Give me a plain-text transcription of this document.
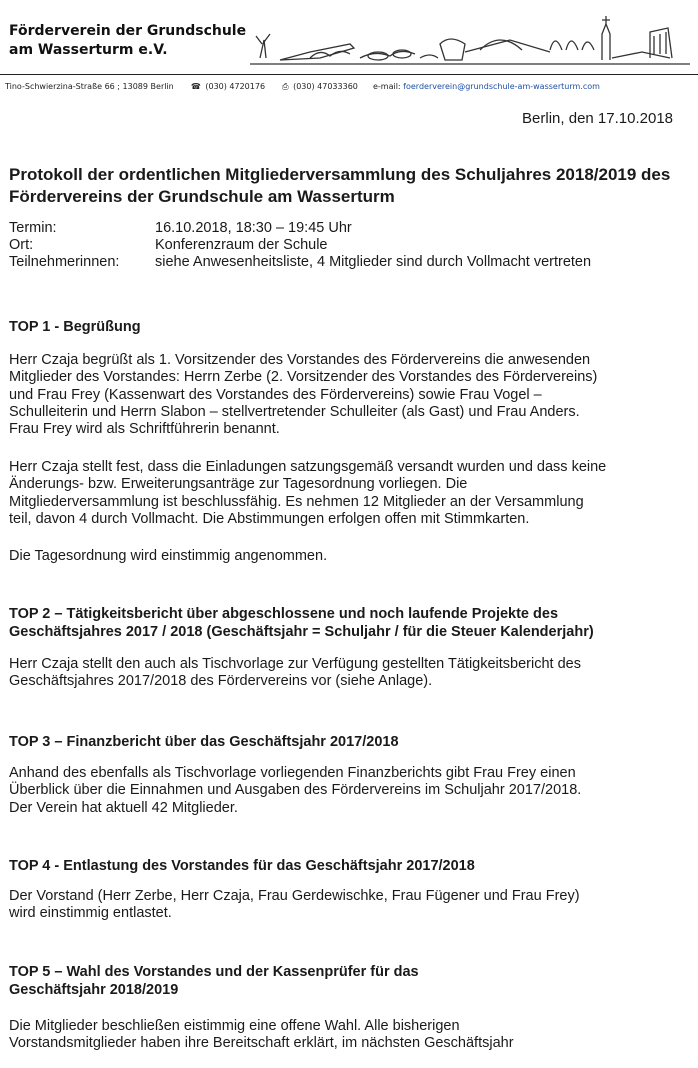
Förderverein der Grundschule
am Wasserturm e.V.
Tino-Schwierzina-Straße 66 ; 13089 Berlin ☎ (030) 4720176 ⎙ (030) 47033360 e-mail: foerderverein@grundschule-am-wasserturm.com
Berlin, den 17.10.2018
Protokoll der ordentlichen Mitgliederversammlung des Schuljahres 2018/2019 des Fördervereins der Grundschule am Wasserturm
Termin:	16.10.2018, 18:30 – 19:45 Uhr
Ort:	Konferenzraum der Schule
Teilnehmerinnen:	siehe Anwesenheitsliste, 4 Mitglieder sind durch Vollmacht vertreten
TOP 1 - Begrüßung

Herr Czaja begrüßt als 1. Vorsitzender des Vorstandes des Fördervereins die anwesenden

Mitglieder des Vorstandes: Herrn Zerbe (2. Vorsitzender des Vorstandes des Fördervereins)

und Frau Frey (Kassenwart des Vorstandes des Fördervereins) sowie Frau Vogel –

Schulleiterin und Herrn Slabon – stellvertretender Schulleiter (als Gast) und Frau Anders.

Frau Frey wird als Schriftführerin benannt.

Herr Czaja stellt fest, dass die Einladungen satzungsgemäß versandt wurden und dass keine

Änderungs- bzw. Erweiterungsanträge zur Tagesordnung vorliegen. Die

Mitgliederversammlung ist beschlussfähig. Es nehmen 12 Mitglieder an der Versammlung

teil, davon 4 durch Vollmacht. Die Abstimmungen erfolgen offen mit Stimmkarten.

Die Tagesordnung wird einstimmig angenommen.

TOP 2 – Tätigkeitsbericht über abgeschlossene und noch laufende Projekte des
Geschäftsjahres 2017 / 2018 (Geschäftsjahr = Schuljahr / für die Steuer Kalenderjahr)

Herr Czaja stellt den auch als Tischvorlage zur Verfügung gestellten Tätigkeitsbericht des

Geschäftsjahres 2017/2018 des Fördervereins vor (siehe Anlage).

TOP 3 – Finanzbericht über das Geschäftsjahr 2017/2018

Anhand des ebenfalls als Tischvorlage vorliegenden Finanzberichts gibt Frau Frey einen

Überblick über die Einnahmen und Ausgaben des Fördervereins im Schuljahr 2017/2018.

Der Verein hat aktuell 42 Mitglieder.

TOP 4 - Entlastung des Vorstandes für das Geschäftsjahr 2017/2018

Der Vorstand (Herr Zerbe, Herr Czaja, Frau Gerdewischke, Frau Fügener und Frau Frey)

wird einstimmig entlastet.

TOP 5 – Wahl des Vorstandes und der Kassenprüfer für das
Geschäftsjahr 2018/2019

Die Mitglieder beschließen eistimmig eine offene Wahl. Alle bisherigen

Vorstandsmitglieder haben ihre Bereitschaft erklärt, im nächsten Geschäftsjahr
